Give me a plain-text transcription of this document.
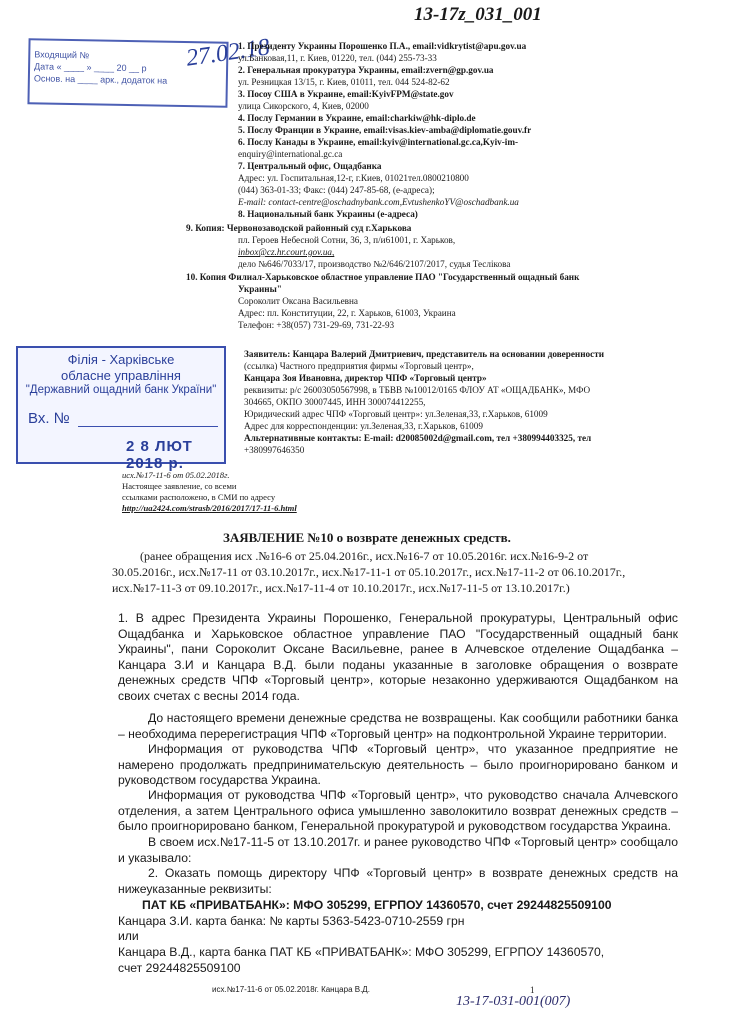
13-17z_031_001
Входящий №
Дата « ____ » ____ 20 __ р
Основ. на ____ арк., додаток на
27.02.18
1. Президенту Украины Порошенко П.А., email:vidkrytist@apu.gov.ua
ул.Банковая,11, г. Киев, 01220, тел. (044) 255-73-33
2. Генеральная прокуратура Украины, email:zvern@gp.gov.ua
ул. Резницкая 13/15, г. Киев, 01011, тел. 044 524-82-62
3. Посоу США в Украине, email:KyivFPM@state.gov
улица Сикорского, 4, Киев, 02000
4. Послу Германии в Украине, email:charkiw@hk-diplo.de
5. Послу Франции в Украине, email:visas.kiev-amba@diplomatie.gouv.fr
6. Послу Канады в Украине, email:kyiv@international.gc.ca,Kyiv-im-
enquiry@international.gc.ca
7. Центральный офис, Ощадбанка
Адрес: ул. Госпитальная,12-г, г.Киев, 01021тел.0800210800
(044) 363-01-33; Факс: (044) 247-85-68, (е-адреса);
E-mail: contact-centre@oschadnybank.com,EvtushenkoYV@oschadbank.ua
8. Национальный банк Украины (е-адреса)
9. Копия: Червонозаводской районный суд г.Харькова
пл. Героев Небесной Сотни, 36, 3, п/и61001, г. Харьков,
inbox@cz.hr.court.gov.ua,
дело №646/7033/17, производство №2/646/2107/2017, судья Теслікова
10. Копия Филиал-Харьковское областное управление ПАО "Государственный ощадный банк
Украины"
Сороколит Оксана Васильевна
Адрес: пл. Конституции, 22, г. Харьков, 61003, Украина
Телефон: +38(057) 731-29-69, 731-22-93
Філія - Харківське
обласне управління
"Державний ощадний банк України"
Вх. №
2 8 ЛЮТ 2018 р.
Заявитель: Канцара Валерий Дмитриевич, представитель на основании доверенности
(ссылка) Частного предприятия фирмы «Торговый центр»,
Канцара Зоя Ивановна, директор ЧПФ «Торговый центр»
реквизиты: р/с 26003050567998, в ТБВВ №10012/0165 ФЛОУ АТ «ОЩАДБАНК», МФО
304665, ОКПО 30007445, ИНН 300074412255,
Юридический адрес ЧПФ «Торговый центр»: ул.Зеленая,33, г.Харьков, 61009
Адрес для корреспонденции: ул.Зеленая,33, г.Харьков, 61009
Альтернативные контакты: E-mail: d20085002d@gmail.com, тел +380994403325, тел
+380997646350
исх.№17-11-6 от 05.02.2018г.
Настоящее заявление, со всеми
ссылками расположено, в СМИ по адресу
http://ua2424.com/strasb/2016/2017/17-11-6.html
ЗАЯВЛЕНИЕ №10 о возврате денежных средств.
(ранее обращения исх .№16-6 от 25.04.2016г., исх.№16-7 от 10.05.2016г. исх.№16-9-2 от
30.05.2016г., исх.№17-11 от 03.10.2017г., исх.№17-11-1 от 05.10.2017г., исх.№17-11-2 от 06.10.2017г.,
исх.№17-11-3 от 09.10.2017г., исх.№17-11-4 от 10.10.2017г., исх.№17-11-5 от 13.10.2017г.)
1. В адрес Президента Украины Порошенко, Генеральной прокуратуры, Центральный офис Ощадбанка и Харьковское областное управление ПАО "Государственный ощадный банк Украины", пани Сороколит Оксане Васильевне, ранее в Алчевское отделение Ощадбанка – Канцара З.И и Канцара В.Д. были поданы указанные в заголовке обращения о возврате денежных средств ЧПФ «Торговый центр», которые незаконно удерживаются Ощадбанком на своих счетах с весны 2014 года.
До настоящего времени денежные средства не возвращены. Как сообщили работники банка – необходима перерегистрация ЧПФ «Торговый центр» на подконтрольной Украине территории.
Информация от руководства ЧПФ «Торговый центр», что указанное предприятие не намерено продолжать предпринимательскую деятельность – было проигнорировано банком и руководством государства Украина.
Информация от руководства ЧПФ «Торговый центр», что руководство сначала Алчевского отделения, а затем Центрального офиса умышленно заволокитило возврат денежных средств – было проигнорировано банком, Генеральной прокуратурой и руководством государства Украина.
В своем исх.№17-11-5 от 13.10.2017г. и ранее руководство ЧПФ «Торговый центр» сообщало и указывало:
2. Оказать помощь директору ЧПФ «Торговый центр» в возврате денежных средств на нижеуказанные реквизиты:
ПАТ КБ «ПРИВАТБАНК»: МФО 305299, ЕГРПОУ 14360570, счет 29244825509100
Канцара З.И. карта банка: № карты 5363-5423-0710-2559 грн
или
Канцара В.Д., карта банка ПАТ КБ «ПРИВАТБАНК»: МФО 305299, ЕГРПОУ 14360570,
счет 29244825509100
исх.№17-11-6 от 05.02.2018г. Канцара В.Д.	1
13-17-031-001(007)
